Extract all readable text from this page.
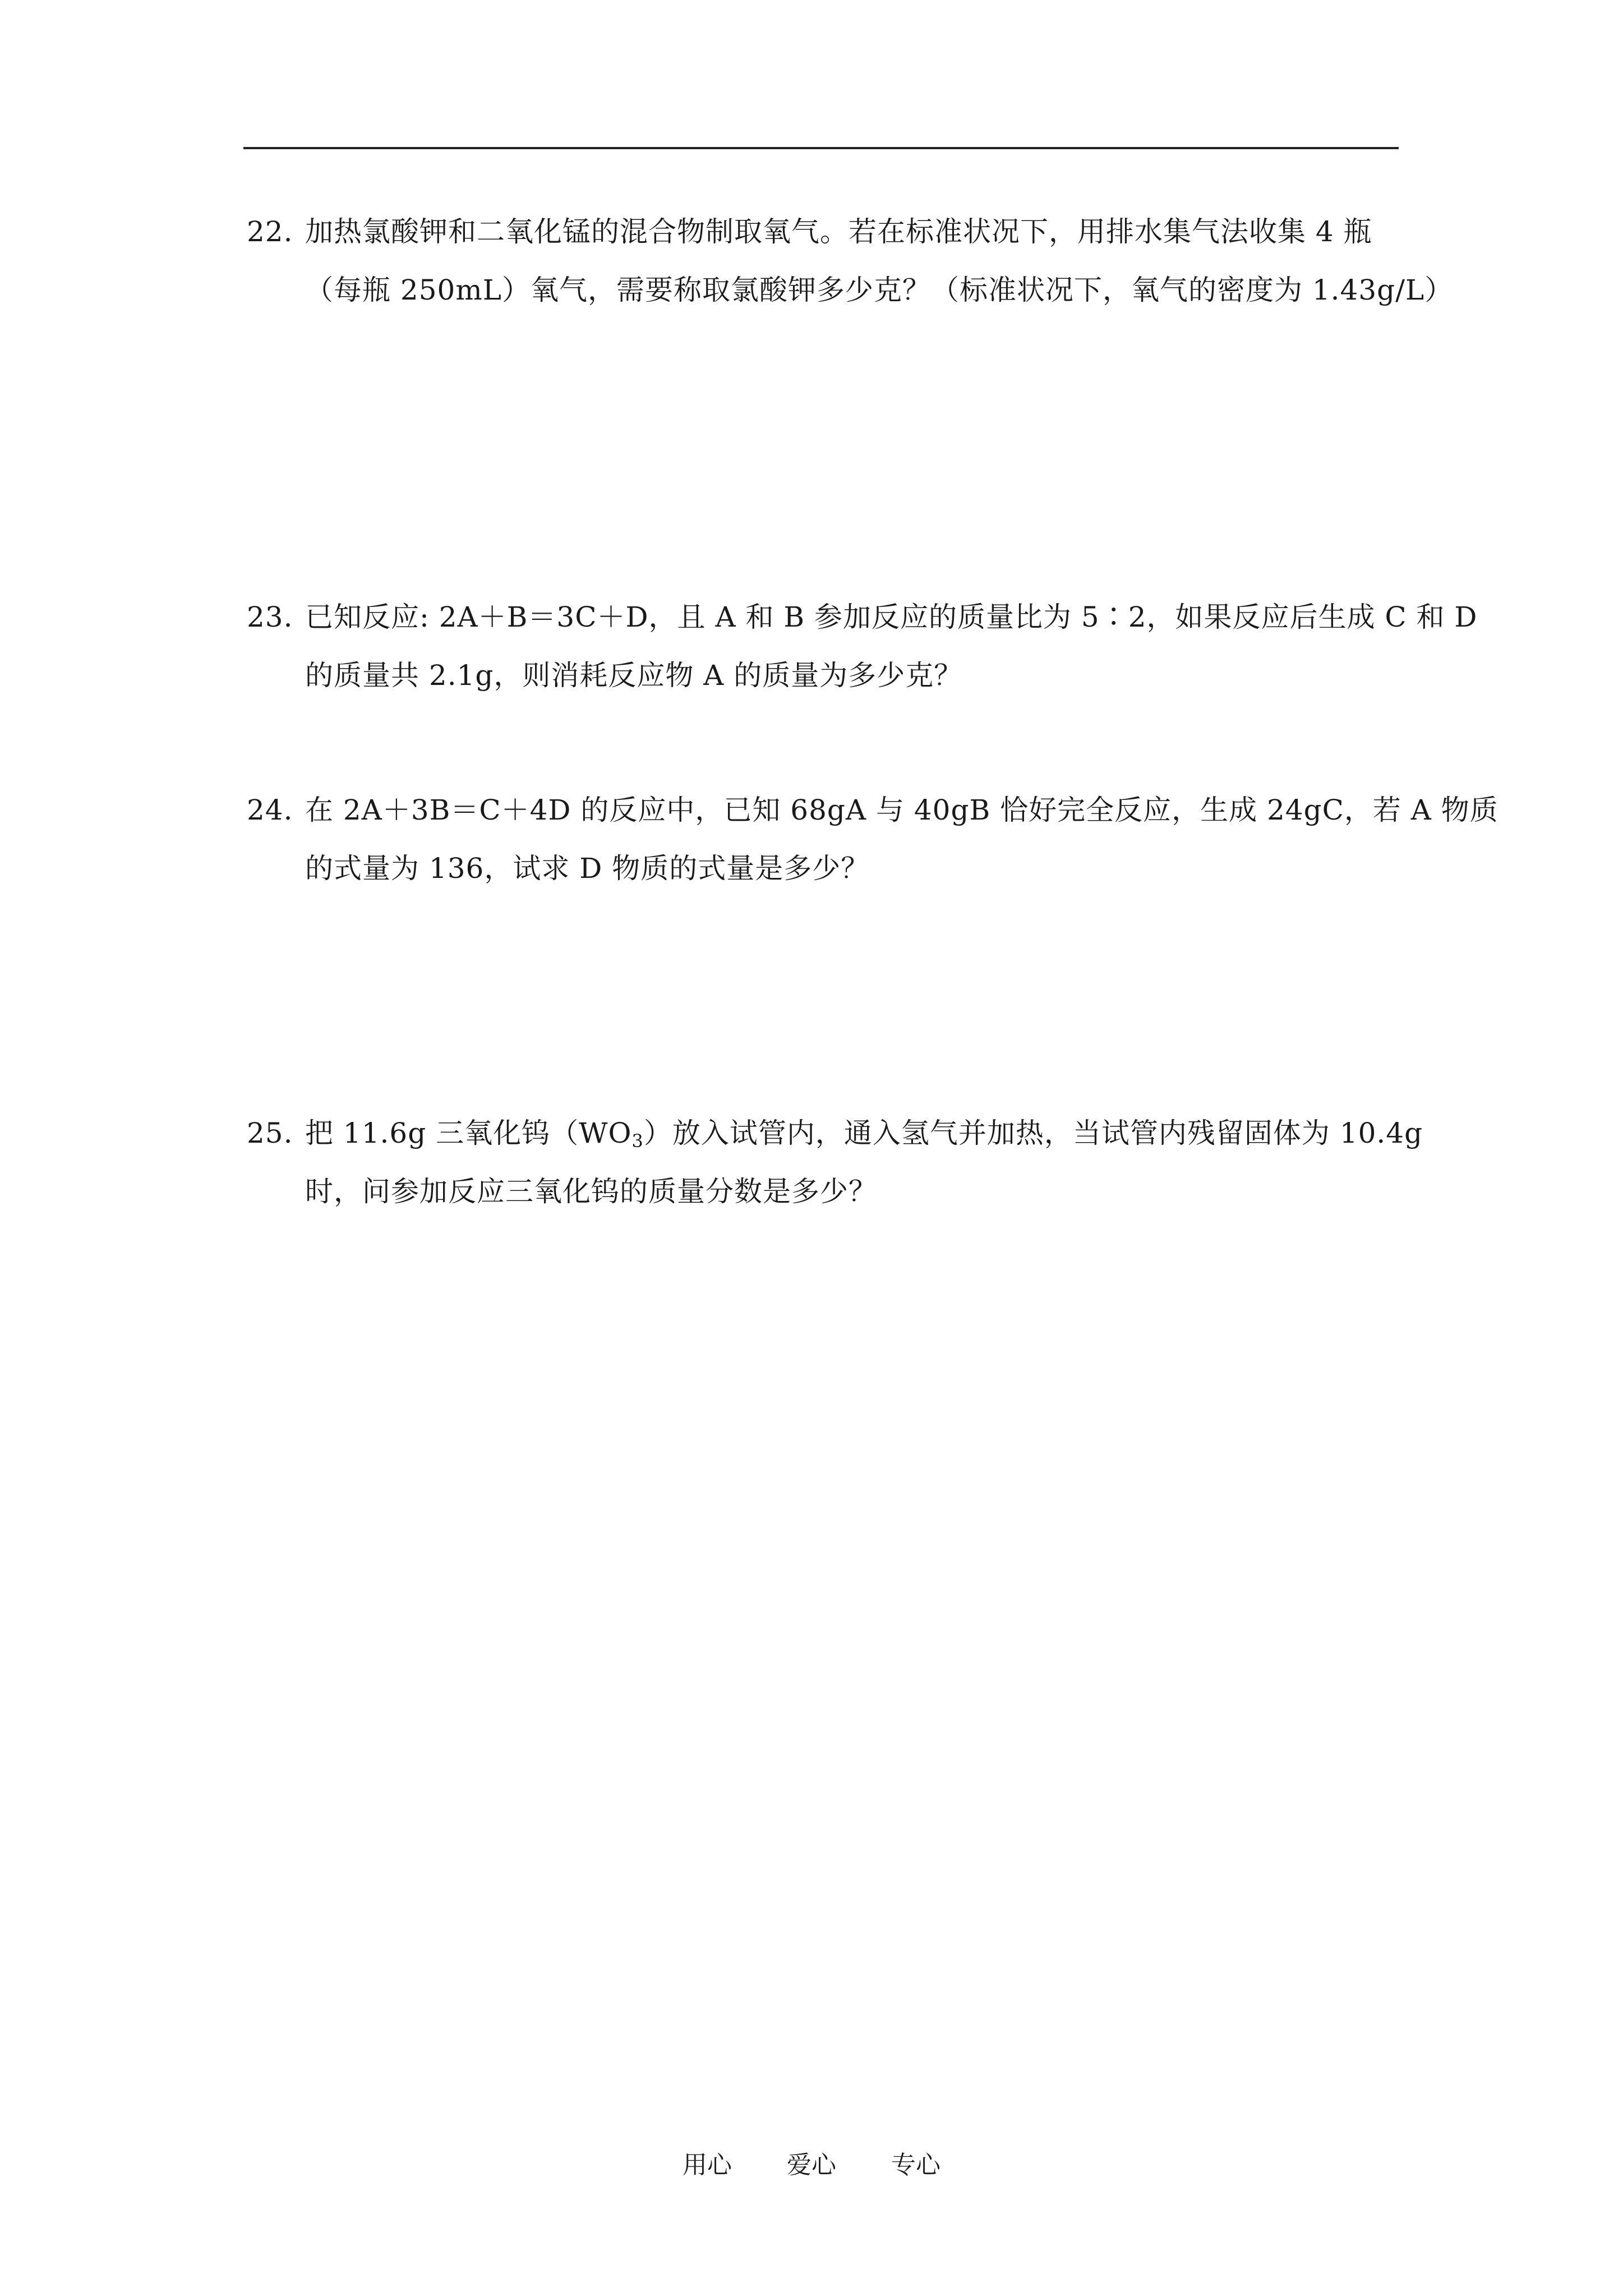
22. 加热氯酸钾和二氧化锰的混合物制取氧气。若在标准状况下，用排水集气法收集 4 瓶
（每瓶 250mL）氧气，需要称取氯酸钾多少克？（标准状况下，氧气的密度为 1.43g/L）
23. 已知反应: 2A＋B＝3C＋D，且 A 和 B 参加反应的质量比为 5∶2，如果反应后生成 C 和 D
的质量共 2.1g，则消耗反应物 A 的质量为多少克？
24. 在 2A＋3B＝C＋4D 的反应中，已知 68gA 与 40gB 恰好完全反应，生成 24gC，若 A 物质
的式量为 136，试求 D 物质的式量是多少？
25. 把 11.6g 三氧化钨$(WO_3)$放入试管内，通入氢气并加热，当试管内残留固体为 10.4g
时，问参加反应三氧化钨的质量分数是多少？
用心 爱心 专心
